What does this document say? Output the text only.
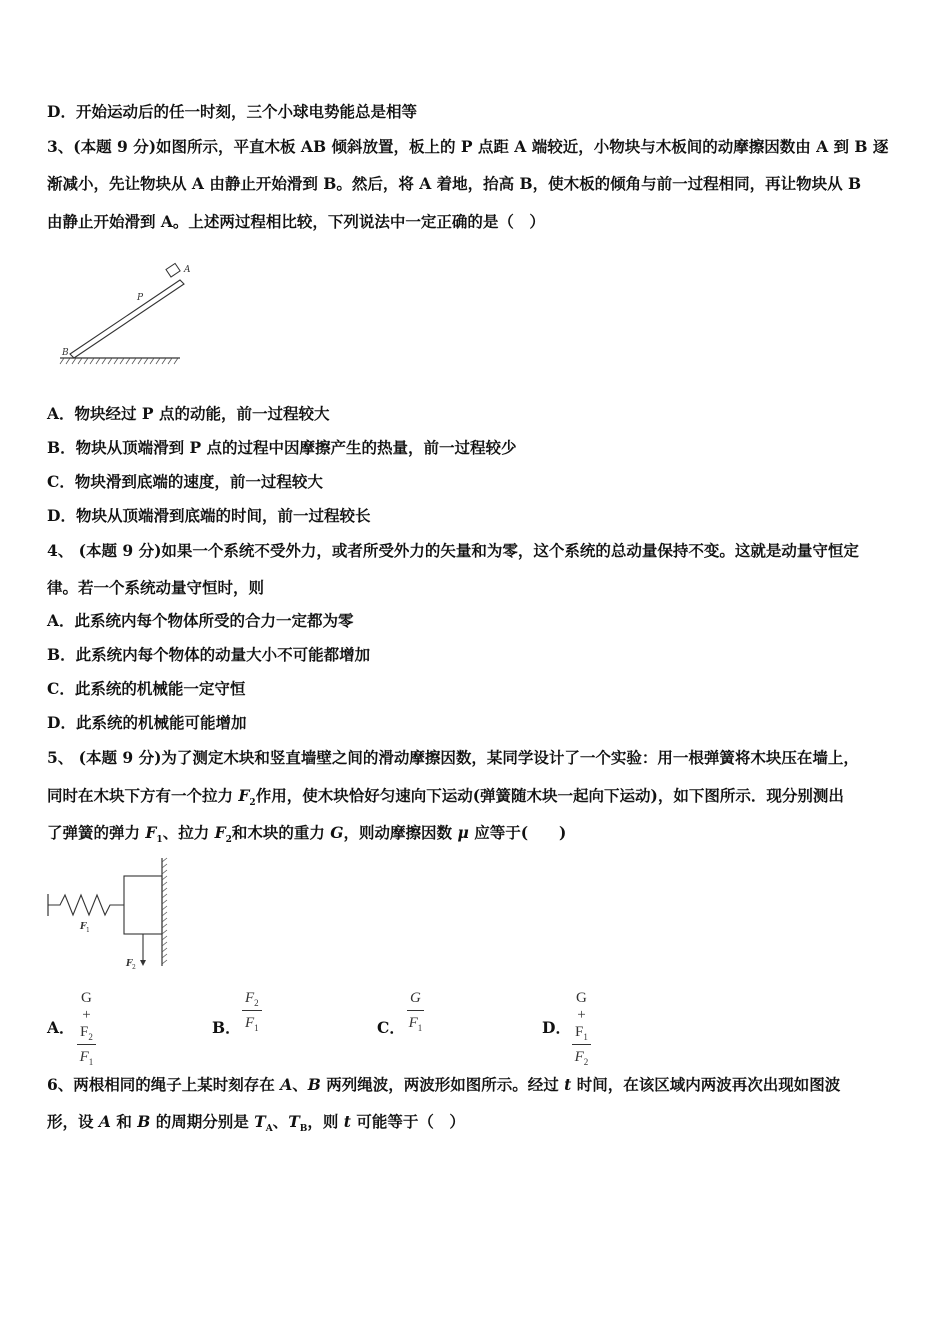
D．开始运动后的任一时刻，三个小球电势能总是相等
3、(本题 9 分)如图所示，平直木板 AB 倾斜放置，板上的 P 点距 A 端较近，小物块与木板间的动摩擦因数由 A 到 B 逐
渐减小，先让物块从 A 由静止开始滑到 B。然后，将 A 着地，抬高 B，使木板的倾角与前一过程相同，再让物块从 B
由静止开始滑到 A。上述两过程相比较，下列说法中一定正确的是（　）
A
B
P
A．物块经过 P 点的动能，前一过程较大
B．物块从顶端滑到 P 点的过程中因摩擦产生的热量，前一过程较少
C．物块滑到底端的速度，前一过程较大
D．物块从顶端滑到底端的时间，前一过程较长
4、 (本题 9 分)如果一个系统不受外力，或者所受外力的矢量和为零，这个系统的总动量保持不变。这就是动量守恒定
律。若一个系统动量守恒时，则
A．此系统内每个物体所受的合力一定都为零
B．此系统内每个物体的动量大小不可能都增加
C．此系统的机械能一定守恒
D．此系统的机械能可能增加
5、 (本题 9 分)为了测定木块和竖直墙壁之间的滑动摩擦因数，某同学设计了一个实验：用一根弹簧将木块压在墙上，
同时在木块下方有一个拉力 $F_2$作用，使木块恰好匀速向下运动(弹簧随木块一起向下运动)，如下图所示．现分别测出
了弹簧的弹力 $F_1$、拉力 $F_2$和木块的重力 G，则动摩擦因数 μ 应等于(　　)
F 1
F 2
A． $\frac{G + F_2}{F_1}$	B． $\frac{F_2}{F_1}$	C． $\frac{G}{F_1}$	D． $\frac{G + F_1}{F_2}$
6、两根相同的绳子上某时刻存在 A、B 两列绳波，两波形如图所示。经过 t 时间，在该区域内两波再次出现如图波
形，设 A 和 B 的周期分别是 $T_A$、$T_B$，则 t 可能等于（　）
